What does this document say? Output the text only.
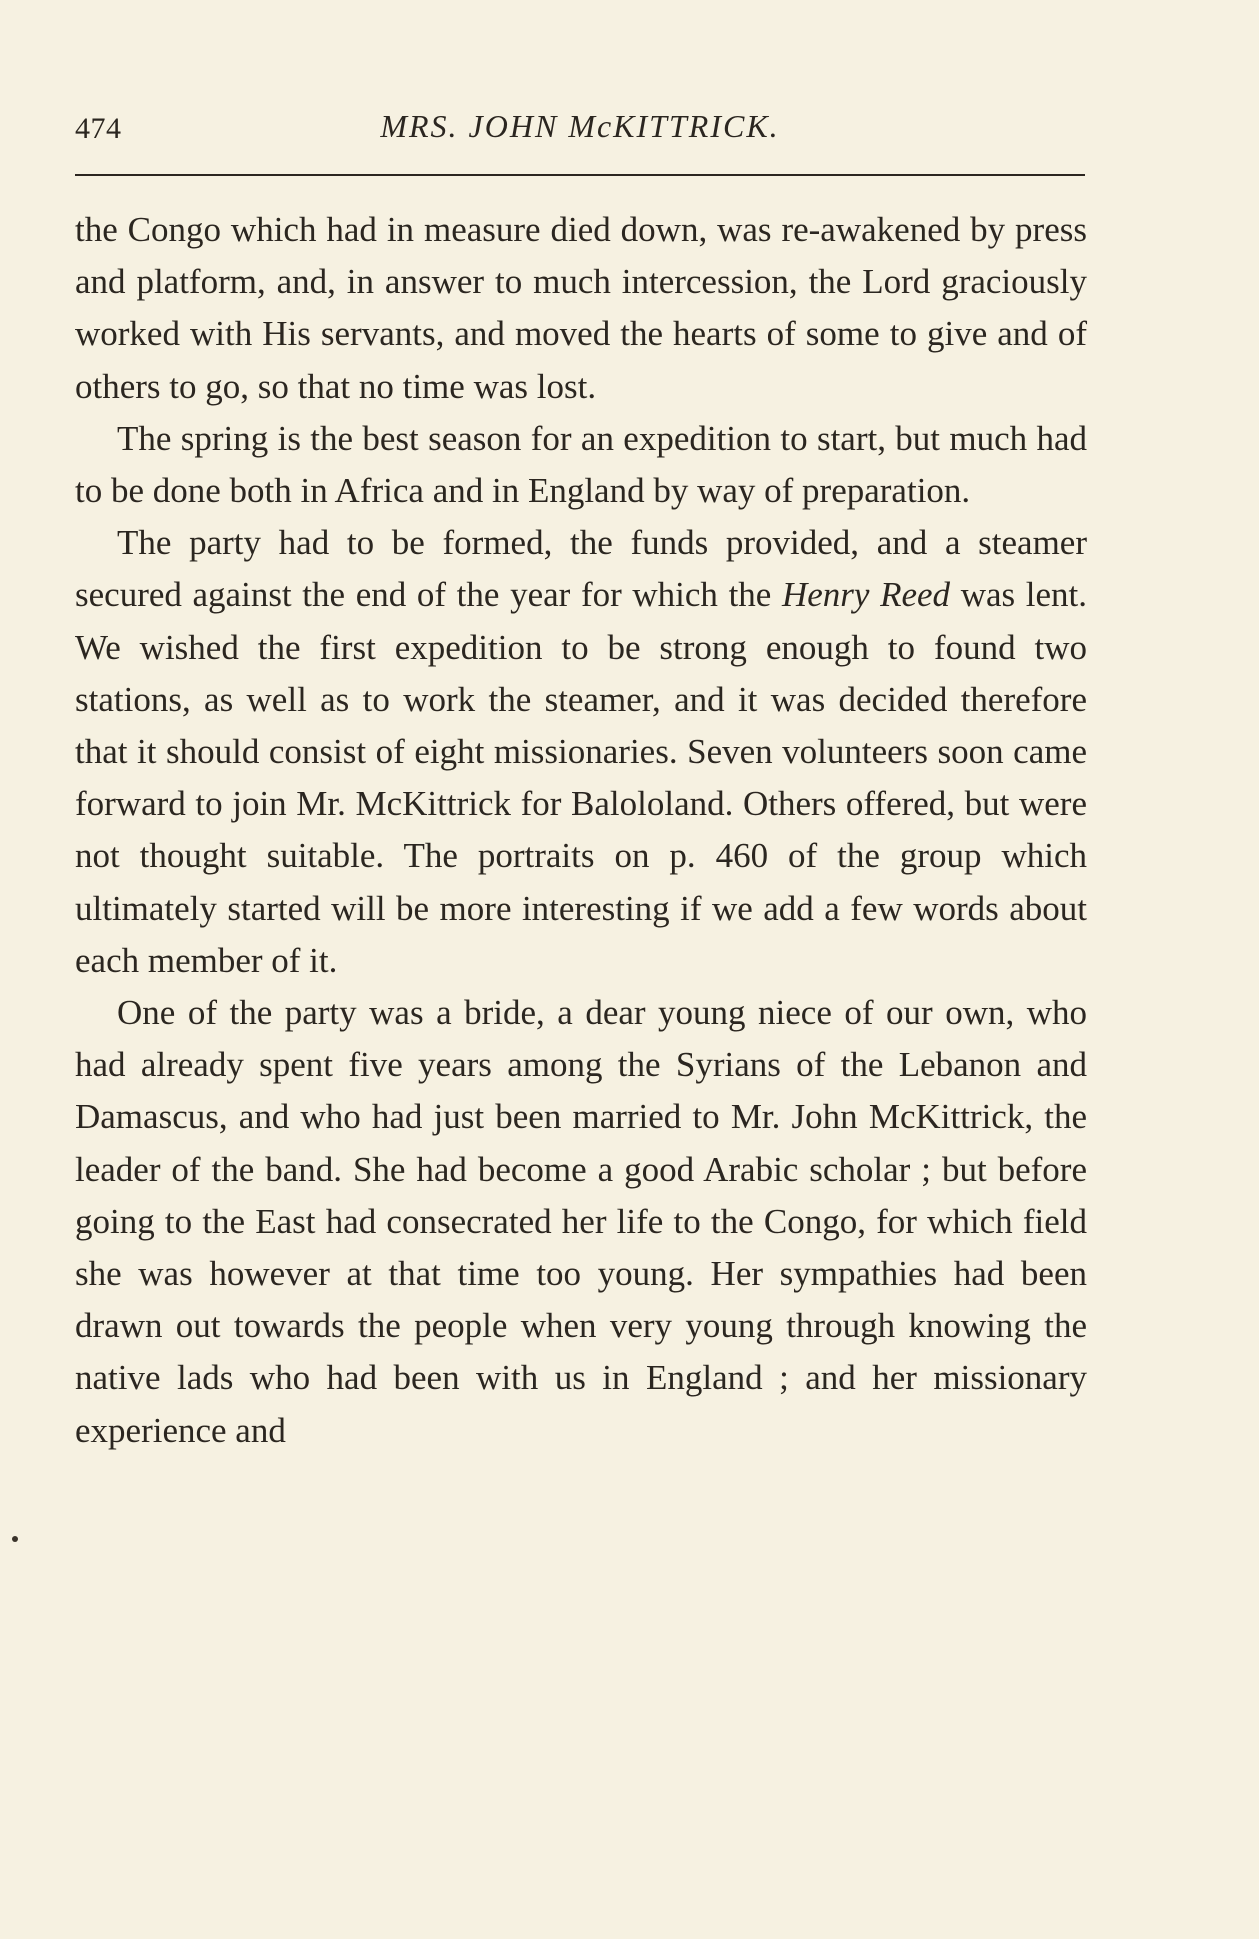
474	MRS. JOHN McKITTRICK.

the Congo which had in measure died down, was re-awakened by press and platform, and, in answer to much intercession, the Lord graciously worked with His servants, and moved the hearts of some to give and of others to go, so that no time was lost.

The spring is the best season for an expedition to start, but much had to be done both in Africa and in England by way of preparation.

The party had to be formed, the funds provided, and a steamer secured against the end of the year for which the Henry Reed was lent. We wished the first expedition to be strong enough to found two stations, as well as to work the steamer, and it was decided therefore that it should consist of eight missionaries. Seven volunteers soon came forward to join Mr. McKittrick for Balololand. Others offered, but were not thought suitable. The portraits on p. 460 of the group which ultimately started will be more interesting if we add a few words about each member of it.

One of the party was a bride, a dear young niece of our own, who had already spent five years among the Syrians of the Lebanon and Damascus, and who had just been married to Mr. John McKittrick, the leader of the band. She had become a good Arabic scholar ; but before going to the East had consecrated her life to the Congo, for which field she was however at that time too young. Her sympathies had been drawn out towards the people when very young through knowing the native lads who had been with us in England ; and her missionary experience and
